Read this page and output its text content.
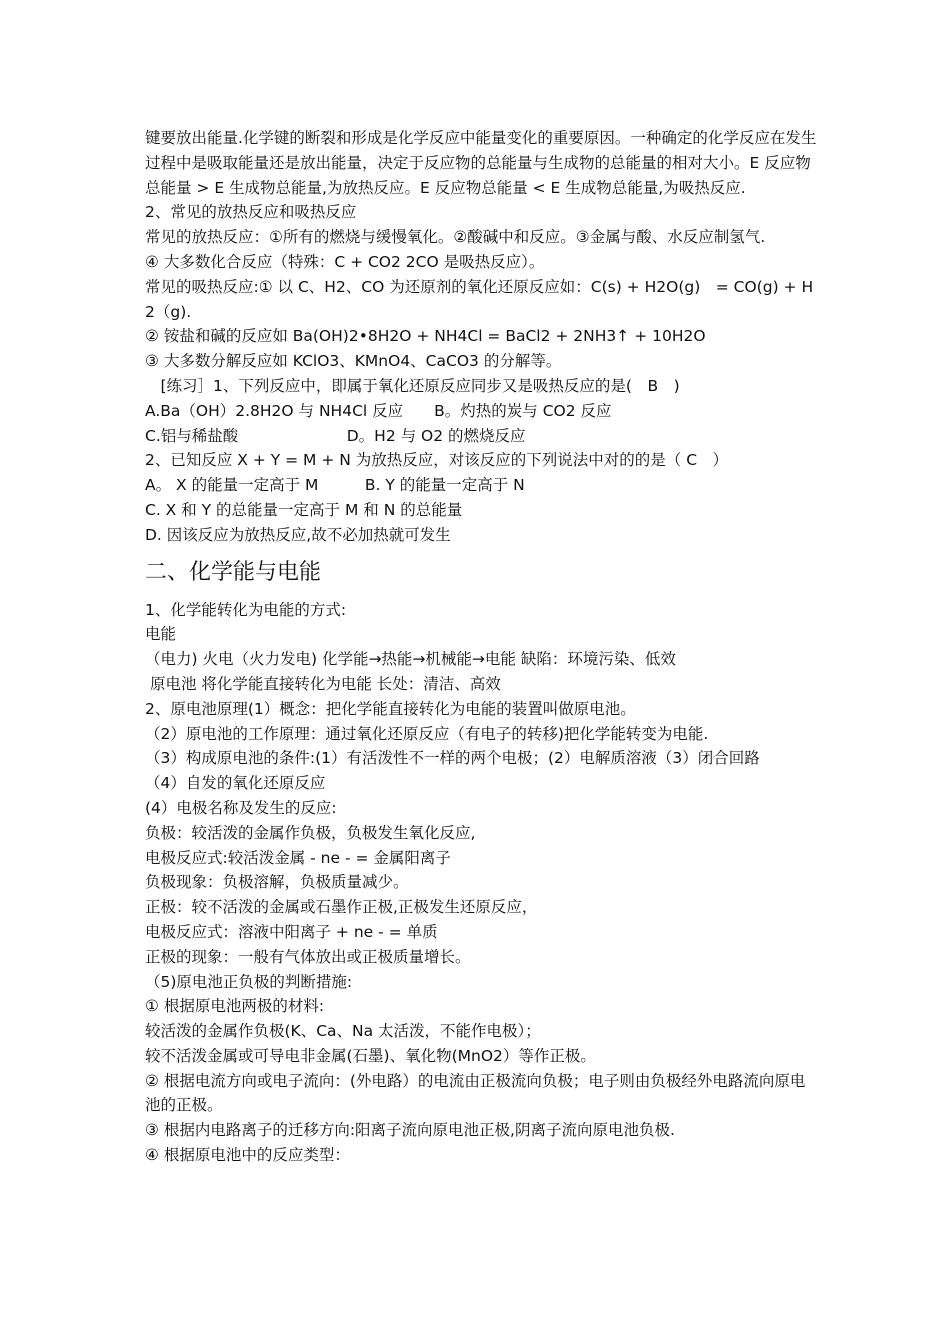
键要放出能量.化学键的断裂和形成是化学反应中能量变化的重要原因。一种确定的化学反应在发生过程中是吸取能量还是放出能量，决定于反应物的总能量与生成物的总能量的相对大小。E 反应物总能量 > E 生成物总能量,为放热反应。E 反应物总能量 < E 生成物总能量,为吸热反应.
2、常见的放热反应和吸热反应
常见的放热反应：①所有的燃烧与缓慢氧化。②酸碱中和反应。③金属与酸、水反应制氢气.
④ 大多数化合反应（特殊：C + CO2 2CO 是吸热反应）。
常见的吸热反应:① 以 C、H2、CO 为还原剂的氧化还原反应如：C(s) + H2O(g)　= CO(g) + H2（g).
② 铵盐和碱的反应如 Ba(OH)2•8H2O + NH4Cl = BaCl2 + 2NH3↑ + 10H2O
③ 大多数分解反应如 KClO3、KMnO4、CaCO3 的分解等。
　[练习］1、下列反应中，即属于氧化还原反应同步又是吸热反应的是(　B　)
A.Ba（OH）2.8H2O 与 NH4Cl 反应　　B。灼热的炭与 CO2 反应
C.铝与稀盐酸　　　　　　　D。H2 与 O2 的燃烧反应
2、已知反应 X + Y = M + N 为放热反应，对该反应的下列说法中对的的是（ C　）
A。 X 的能量一定高于 M　　　B. Y 的能量一定高于 N
C. X 和 Y 的总能量一定高于 M 和 N 的总能量
D. 因该反应为放热反应,故不必加热就可发生
二、化学能与电能
1、化学能转化为电能的方式:
电能
（电力) 火电（火力发电) 化学能→热能→机械能→电能 缺陷：环境污染、低效
原电池 将化学能直接转化为电能 长处：清洁、高效
2、原电池原理(1）概念：把化学能直接转化为电能的装置叫做原电池。
（2）原电池的工作原理：通过氧化还原反应（有电子的转移)把化学能转变为电能.
（3）构成原电池的条件:(1）有活泼性不一样的两个电极；(2）电解质溶液（3）闭合回路
（4）自发的氧化还原反应
(4）电极名称及发生的反应:
负极：较活泼的金属作负极，负极发生氧化反应,
电极反应式:较活泼金属 - ne - = 金属阳离子
负极现象：负极溶解，负极质量减少。
正极：较不活泼的金属或石墨作正极,正极发生还原反应，
电极反应式：溶液中阳离子 + ne - = 单质
正极的现象：一般有气体放出或正极质量增长。
（5)原电池正负极的判断措施:
① 根据原电池两极的材料:
较活泼的金属作负极(K、Ca、Na 太活泼，不能作电极）；
较不活泼金属或可导电非金属(石墨)、氧化物(MnO2）等作正极。
② 根据电流方向或电子流向：(外电路）的电流由正极流向负极；电子则由负极经外电路流向原电池的正极。
③ 根据内电路离子的迁移方向:阳离子流向原电池正极,阴离子流向原电池负极.
④ 根据原电池中的反应类型：
